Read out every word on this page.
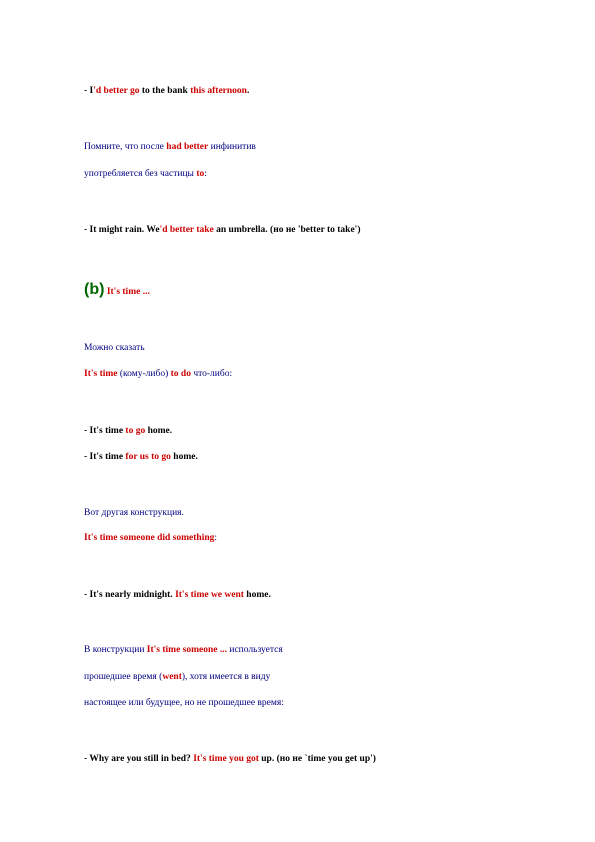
- I'd better go to the bank this afternoon.
Помните, что после had better инфинитив
употребляется без частицы to:
- It might rain. We'd better take an umbrella. (но не 'better to take')
(b) It's time ...
Можно сказать
It's time (кому-либо) to do что-либо:
- It's time to go home.
- It's time for us to go home.
Вот другая конструкция.
It's time someone did something:
- It's nearly midnight. It's time we went home.
В конструкции It's time someone ... используется
прошедшее время (went), хотя имеется в виду
настоящее или будущее, но не прошедшее время:
- Why are you still in bed? It's time you got up. (но не `time you get up')
